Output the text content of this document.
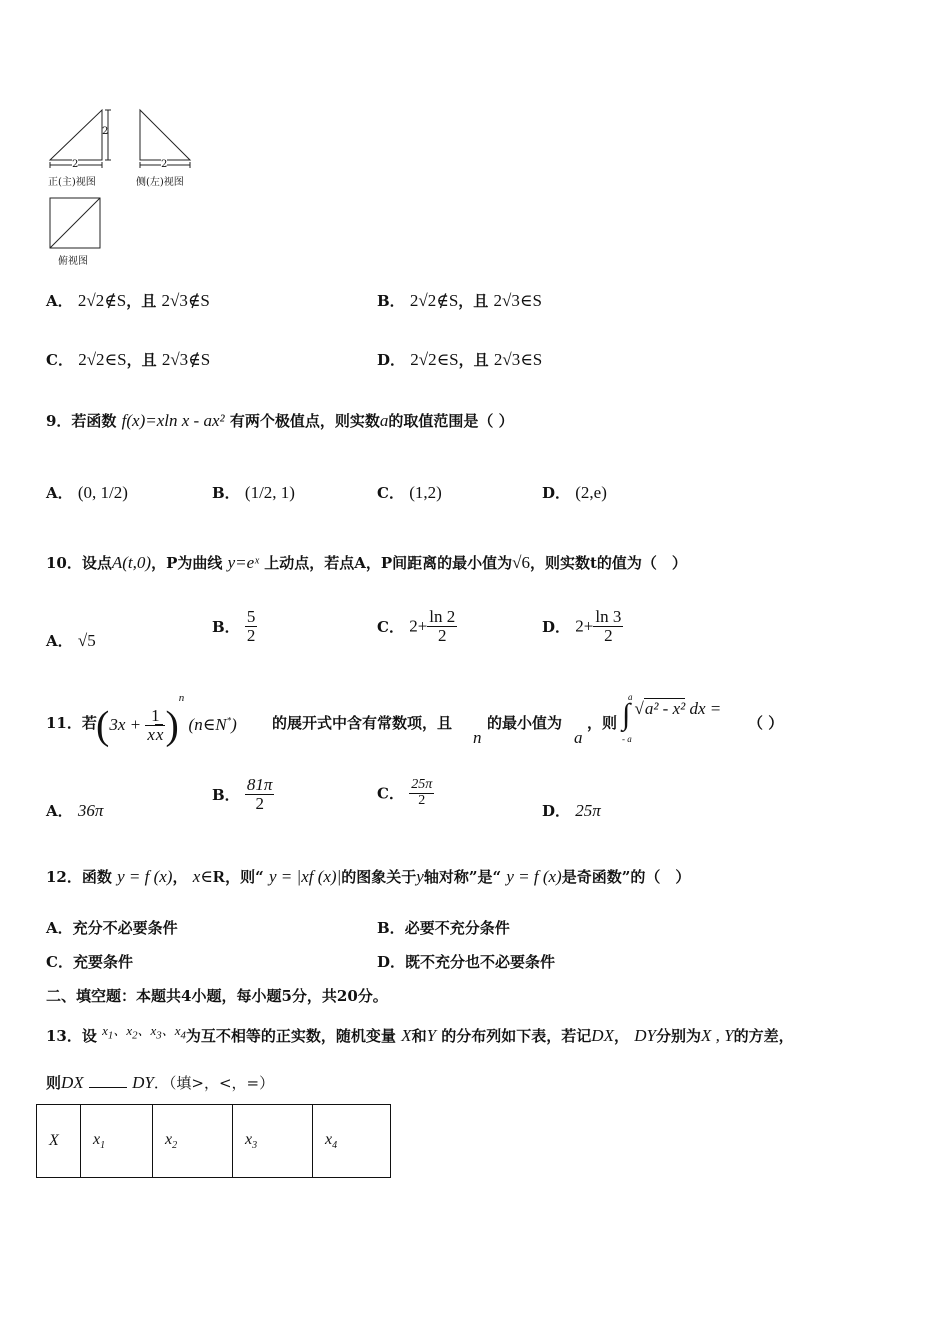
2
2	2
正(主)视图	侧(左)视图
俯视图
A． 2√2∉S，且 2√3∉S	B． 2√2∉S，且 2√3∈S
C． 2√2∈S，且 2√3∉S	D． 2√2∈S，且 2√3∈S
9．若函数 f(x)=xln x - ax² 有两个极值点，则实数a的取值范围是（ ）
A． (0, 1/2)	B． (1/2, 1)	C． (1,2)	D． (2,e)
10．设点A(t,0)，P为曲线 y=eˣ 上动点，若点A，P间距离的最小值为√6，则实数t的值为（　）
A． √5
B． $\frac{5}{2}$	C． $2+ \frac{\ln 2}{2}$	D． $2+ \frac{\ln 3}{2}$
11．若 $(3x + \frac{1}{xx} )^n$ (n∈N*) 的展开式中含有常数项，且
n
的最小值为
a
，则
a
∫
- a
√a² - x² dx =
（ ）
A． 36π
B． $\frac{81\pi}{2}$	C． $\frac{25\pi}{2}$
D． 25π
12．函数 y = f (x)， x∈R，则“ y = |xf (x)|的图象关于y轴对称”是“ y = f (x)是奇函数”的（　）
A．充分不必要条件	B．必要不充分条件
C．充要条件	D．既不充分也不必要条件
二、填空题：本题共4小题，每小题5分，共20分。
13．设 $x_1$、$x_2$、$x_3$、$x_4$为互不相等的正实数，随机变量 X和Y 的分布列如下表，若记DX， DY分别为X , Y的方差，
则DX	DY．（填>，<，=）
X	$x_1$	$x_2$	$x_3$	$x_4$
